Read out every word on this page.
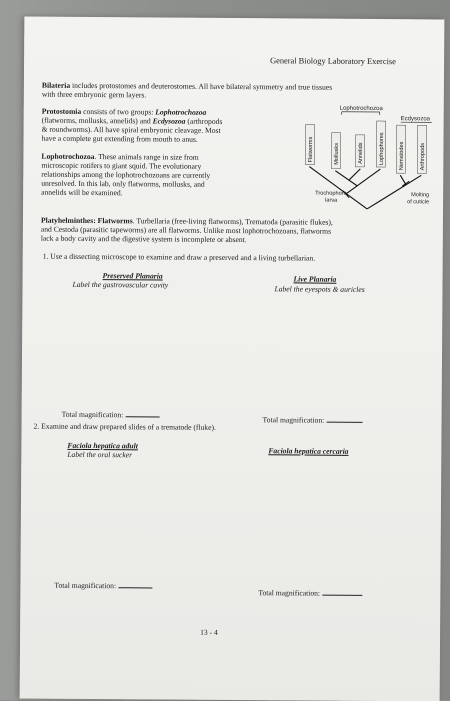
General Biology Laboratory Exercise
Bilateria includes protostomes and deuterostomes. All have bilateral symmetry and true tissues
with three embryonic germ layers.
Protostomia consists of two groups: Lophotrochozoa
(flatworms, mollusks, annelids) and Ecdysozoa (arthropods
& roundworms). All have spiral embryonic cleavage. Most
have a complete gut extending from mouth to anus.
Lophotrochozoa. These animals range in size from
microscopic rotifers to giant squid. The evolutionary
relationships among the lophotrochozoans are currently
unresolved. In this lab, only flatworms, mollusks, and
annelids will be examined.
Lophotrochozoa
Ecdysozoa
Flatworms	Mollusks	Annelids	Lophophores Nematodes	Arthropods
Trochophore
larva
Molting
of cuticle
Platyhelminthes: Flatworms. Turbellaria (free-living flatworms), Trematoda (parasitic flukes),
and Cestoda (parasitic tapeworms) are all flatworms. Unlike most lophotrochozoans, flatworms
lack a body cavity and the digestive system is incomplete or absent.
1. Use a dissecting microscope to examine and draw a preserved and a living turbellarian.
Preserved Planaria
Label the gastrovascular cavity
Live Planaria
Label the eyespots & auricles
Total magnification:
Total magnification:
2. Examine and draw prepared slides of a trematode (fluke).
Faciola hepatica adult
Label the oral sucker	Faciola hepatica cercaria
Total magnification:
Total magnification:
13 - 4
